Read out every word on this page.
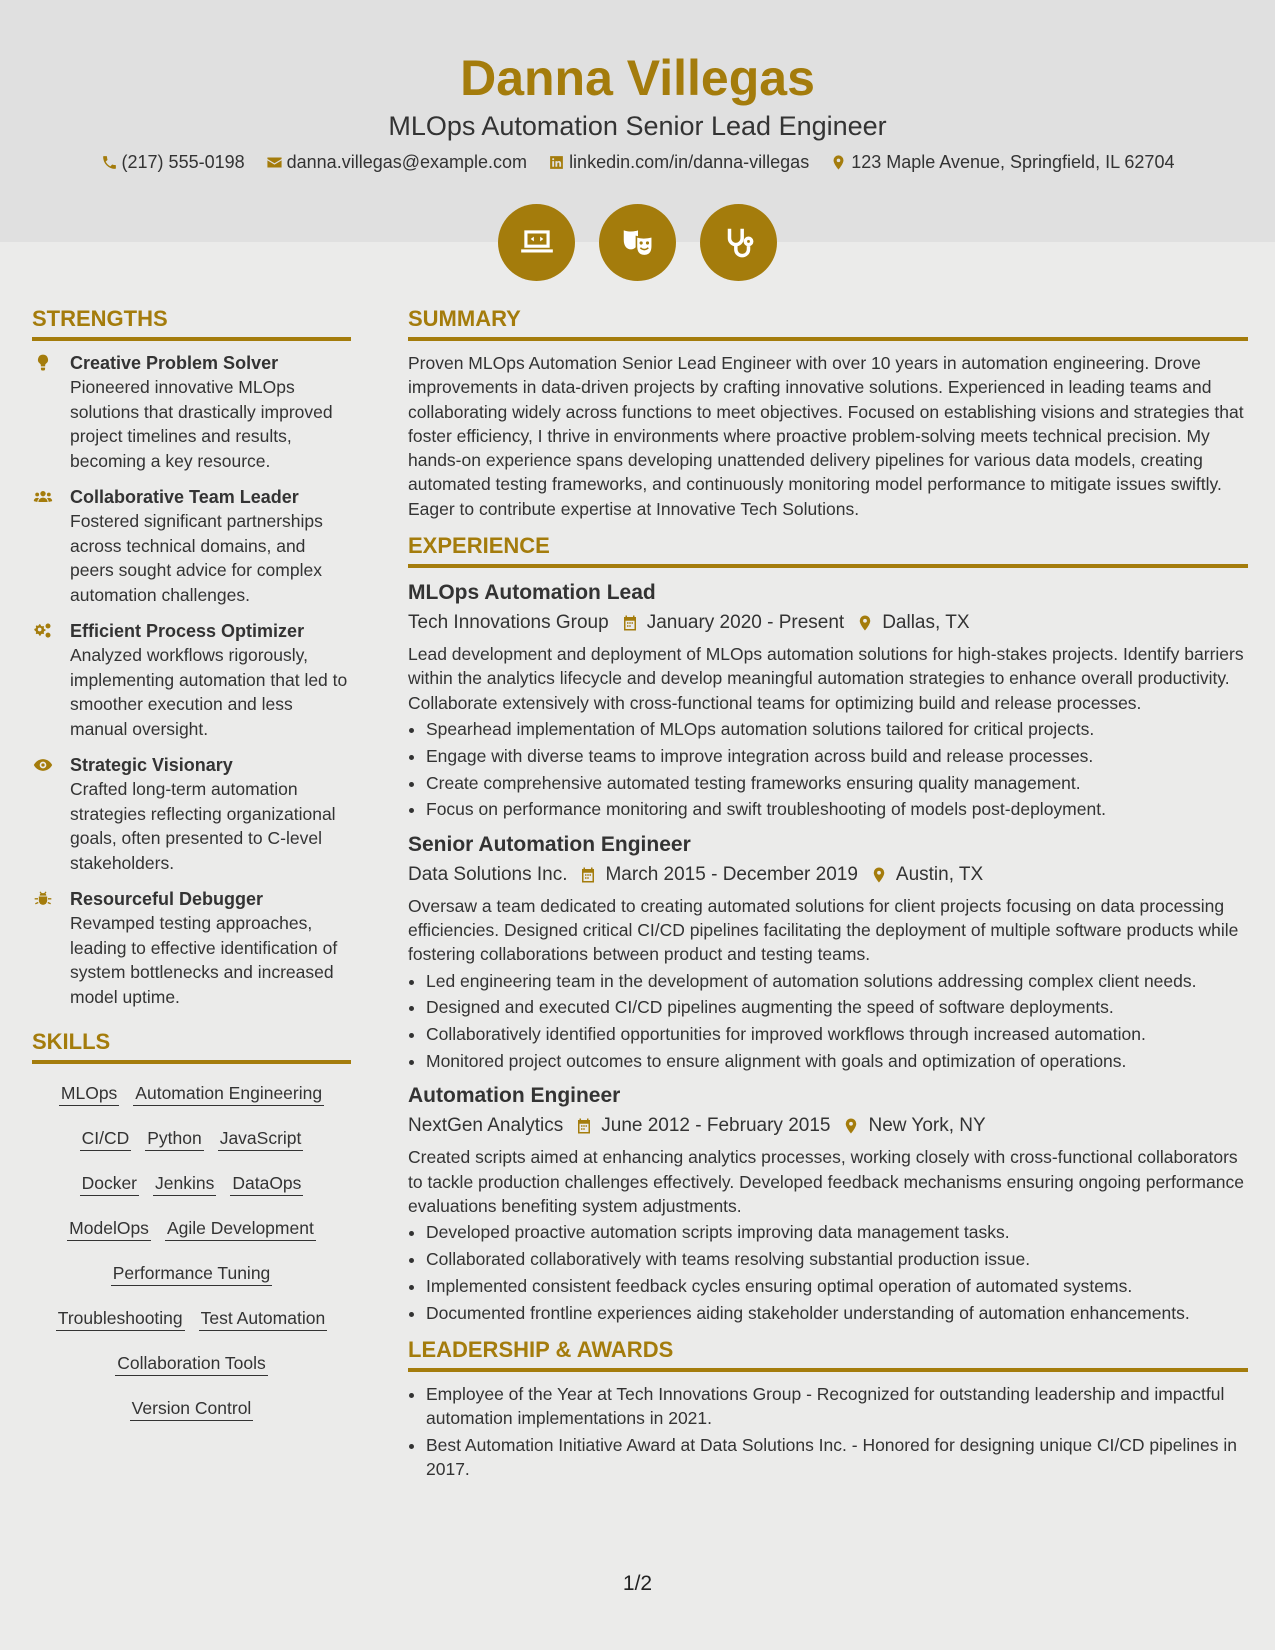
Danna Villegas
MLOps Automation Senior Lead Engineer
(217) 555-0198
danna.villegas@example.com
linkedin.com/in/danna-villegas
123 Maple Avenue, Springfield, IL 62704

STRENGTHS
Creative Problem Solver
Pioneered innovative MLOps solutions that drastically improved project timelines and results, becoming a key resource.
Collaborative Team Leader
Fostered significant partnerships across technical domains, and peers sought advice for complex automation challenges.
Efficient Process Optimizer
Analyzed workflows rigorously, implementing automation that led to smoother execution and less manual oversight.
Strategic Visionary
Crafted long-term automation strategies reflecting organizational goals, often presented to C-level stakeholders.
Resourceful Debugger
Revamped testing approaches, leading to effective identification of system bottlenecks and increased model uptime.
SKILLS
MLOps Automation Engineering
CI/CD Python JavaScript
Docker Jenkins DataOps
ModelOps Agile Development
Performance Tuning
Troubleshooting Test Automation
Collaboration Tools
Version Control
SUMMARY

Proven MLOps Automation Senior Lead Engineer with over 10 years in automation engineering. Drove improvements in data-driven projects by crafting innovative solutions. Experienced in leading teams and collaborating widely across functions to meet objectives. Focused on establishing visions and strategies that foster efficiency, I thrive in environments where proactive problem-solving meets technical precision. My hands-on experience spans developing unattended delivery pipelines for various data models, creating automated testing frameworks, and continuously monitoring model performance to mitigate issues swiftly. Eager to contribute expertise at Innovative Tech Solutions.

EXPERIENCE
MLOps Automation Lead
Tech Innovations Group January 2020 - Present Dallas, TX

Lead development and deployment of MLOps automation solutions for high-stakes projects. Identify barriers within the analytics lifecycle and develop meaningful automation strategies to enhance overall productivity. Collaborate extensively with cross-functional teams for optimizing build and release processes.

• Spearhead implementation of MLOps automation solutions tailored for critical projects.
• Engage with diverse teams to improve integration across build and release processes.
• Create comprehensive automated testing frameworks ensuring quality management.
• Focus on performance monitoring and swift troubleshooting of models post-deployment.
Senior Automation Engineer
Data Solutions Inc. March 2015 - December 2019 Austin, TX

Oversaw a team dedicated to creating automated solutions for client projects focusing on data processing efficiencies. Designed critical CI/CD pipelines facilitating the deployment of multiple software products while fostering collaborations between product and testing teams.

• Led engineering team in the development of automation solutions addressing complex client needs.
• Designed and executed CI/CD pipelines augmenting the speed of software deployments.
• Collaboratively identified opportunities for improved workflows through increased automation.
• Monitored project outcomes to ensure alignment with goals and optimization of operations.
Automation Engineer
NextGen Analytics June 2012 - February 2015 New York, NY

Created scripts aimed at enhancing analytics processes, working closely with cross-functional collaborators to tackle production challenges effectively. Developed feedback mechanisms ensuring ongoing performance evaluations benefiting system adjustments.

• Developed proactive automation scripts improving data management tasks.
• Collaborated collaboratively with teams resolving substantial production issue.
• Implemented consistent feedback cycles ensuring optimal operation of automated systems.
• Documented frontline experiences aiding stakeholder understanding of automation enhancements.
LEADERSHIP & AWARDS
• Employee of the Year at Tech Innovations Group - Recognized for outstanding leadership and impactful automation implementations in 2021.
• Best Automation Initiative Award at Data Solutions Inc. - Honored for designing unique CI/CD pipelines in 2017.
1/2
